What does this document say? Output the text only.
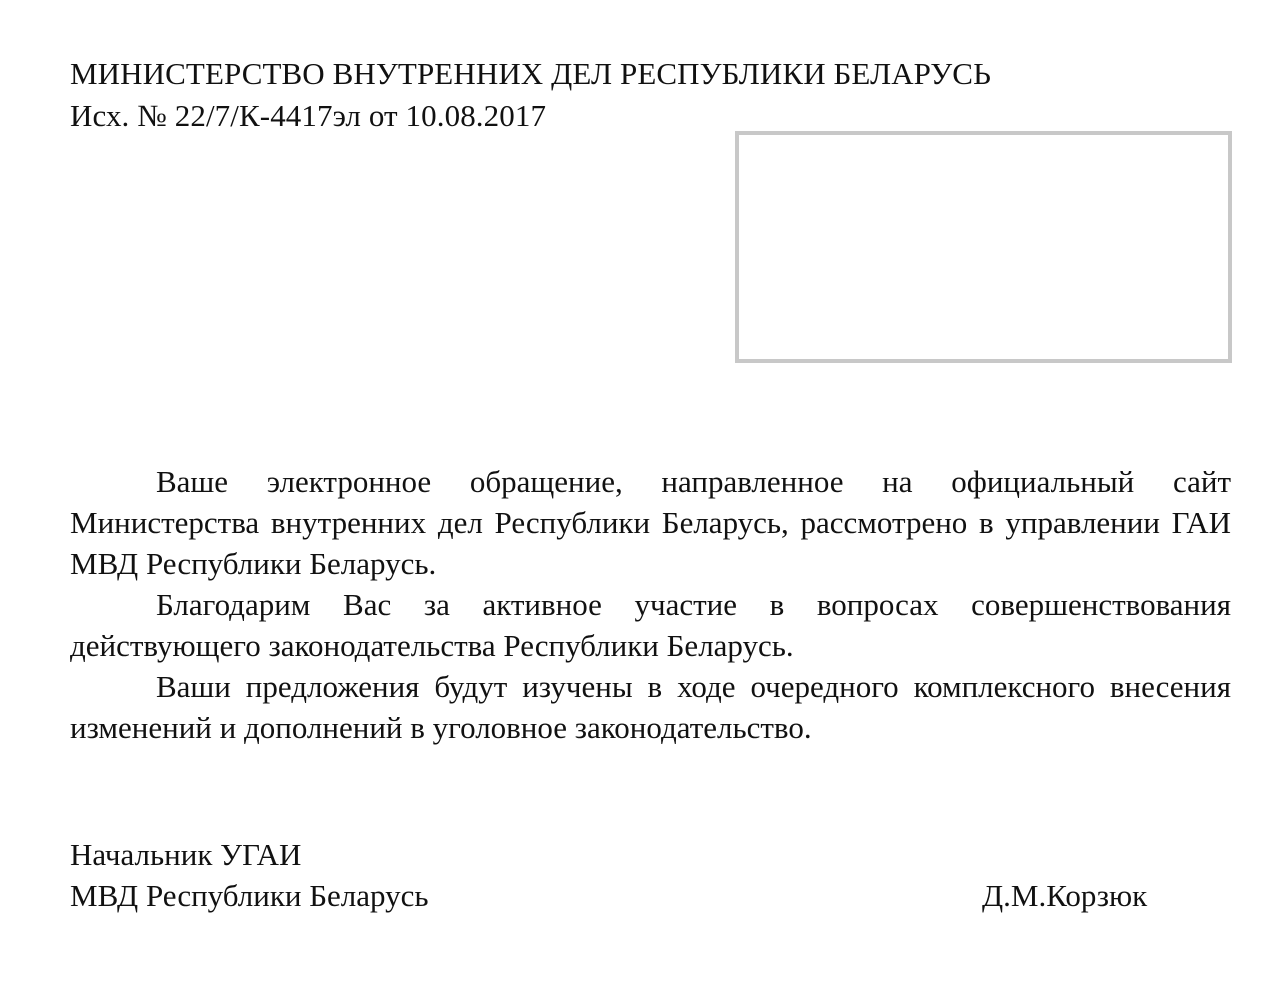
МИНИСТЕРСТВО ВНУТРЕННИХ ДЕЛ РЕСПУБЛИКИ БЕЛАРУСЬ
Исх. № 22/7/К-4417эл от 10.08.2017

Ваше электронное обращение, направленное на официальный сайт Министерства внутренних дел Республики Беларусь, рассмотрено в управлении ГАИ МВД Республики Беларусь.

Благодарим Вас за активное участие в вопросах совершенствования действующего законодательства Республики Беларусь.

Ваши предложения будут изучены в ходе очередного комплексного внесения изменений и дополнений в уголовное законодательство.

Начальник УГАИ
МВД Республики Беларусь	Д.М.Корзюк
